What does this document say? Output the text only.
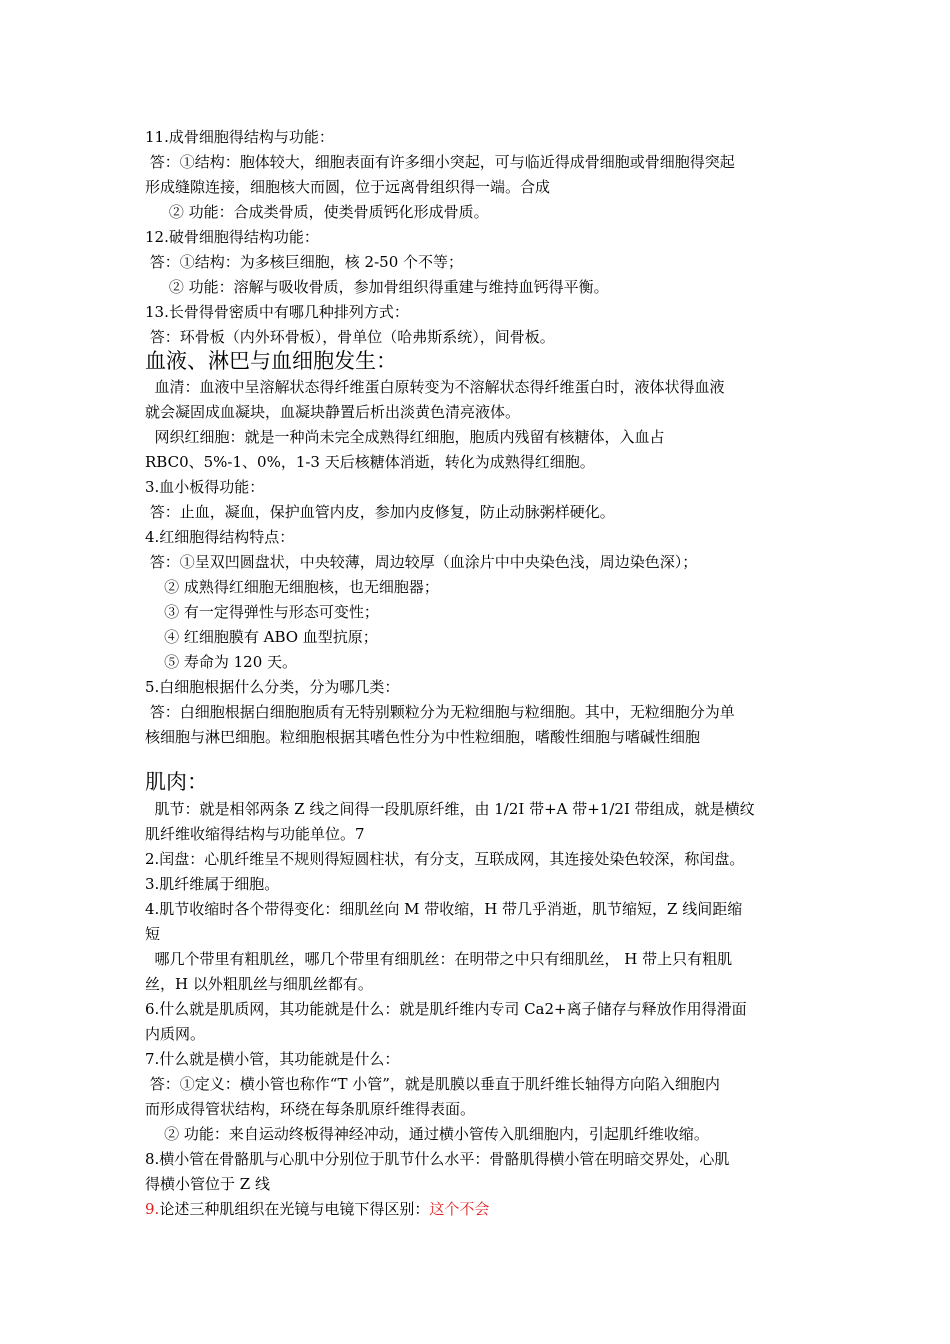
11.成骨细胞得结构与功能：
答：①结构：胞体较大，细胞表面有许多细小突起，可与临近得成骨细胞或骨细胞得突起
形成缝隙连接，细胞核大而圆，位于远离骨组织得一端。合成
② 功能：合成类骨质，使类骨质钙化形成骨质。
12.破骨细胞得结构功能：
答：①结构：为多核巨细胞，核 2-50 个不等；
② 功能：溶解与吸收骨质，参加骨组织得重建与维持血钙得平衡。
13.长骨得骨密质中有哪几种排列方式：
答：环骨板（内外环骨板），骨单位（哈弗斯系统），间骨板。
血液、淋巴与血细胞发生：
血清：血液中呈溶解状态得纤维蛋白原转变为不溶解状态得纤维蛋白时，液体状得血液
就会凝固成血凝块，血凝块静置后析出淡黄色清亮液体。
网织红细胞：就是一种尚未完全成熟得红细胞，胞质内残留有核糖体，入血占
RBC0、5%-1、0%，1-3 天后核糖体消逝，转化为成熟得红细胞。
3.血小板得功能：
答：止血，凝血，保护血管内皮，参加内皮修复，防止动脉粥样硬化。
4.红细胞得结构特点：
答：①呈双凹圆盘状，中央较薄，周边较厚（血涂片中中央染色浅，周边染色深）；
② 成熟得红细胞无细胞核，也无细胞器；
③ 有一定得弹性与形态可变性；
④ 红细胞膜有 ABO 血型抗原；
⑤ 寿命为 120 天。
5.白细胞根据什么分类，分为哪几类：
答：白细胞根据白细胞胞质有无特别颗粒分为无粒细胞与粒细胞。其中，无粒细胞分为单
核细胞与淋巴细胞。粒细胞根据其嗜色性分为中性粒细胞，嗜酸性细胞与嗜碱性细胞
肌肉：
肌节：就是相邻两条 Z 线之间得一段肌原纤维，由 1/2I 带+A 带+1/2I 带组成，就是横纹
肌纤维收缩得结构与功能单位。7
2.闰盘：心肌纤维呈不规则得短圆柱状，有分支，互联成网，其连接处染色较深，称闰盘。
3.肌纤维属于细胞。
4.肌节收缩时各个带得变化：细肌丝向 M 带收缩，H 带几乎消逝，肌节缩短，Z 线间距缩
短
哪几个带里有粗肌丝，哪几个带里有细肌丝：在明带之中只有细肌丝， H 带上只有粗肌
丝，H 以外粗肌丝与细肌丝都有。
6.什么就是肌质网，其功能就是什么：就是肌纤维内专司 Ca2+离子储存与释放作用得滑面
内质网。
7.什么就是横小管，其功能就是什么：
答：①定义：横小管也称作“T 小管”，就是肌膜以垂直于肌纤维长轴得方向陷入细胞内
而形成得管状结构，环绕在每条肌原纤维得表面。
② 功能：来自运动终板得神经冲动，通过横小管传入肌细胞内，引起肌纤维收缩。
8.横小管在骨骼肌与心肌中分别位于肌节什么水平：骨骼肌得横小管在明暗交界处，心肌
得横小管位于 Z 线
9.论述三种肌组织在光镜与电镜下得区别：这个不会
